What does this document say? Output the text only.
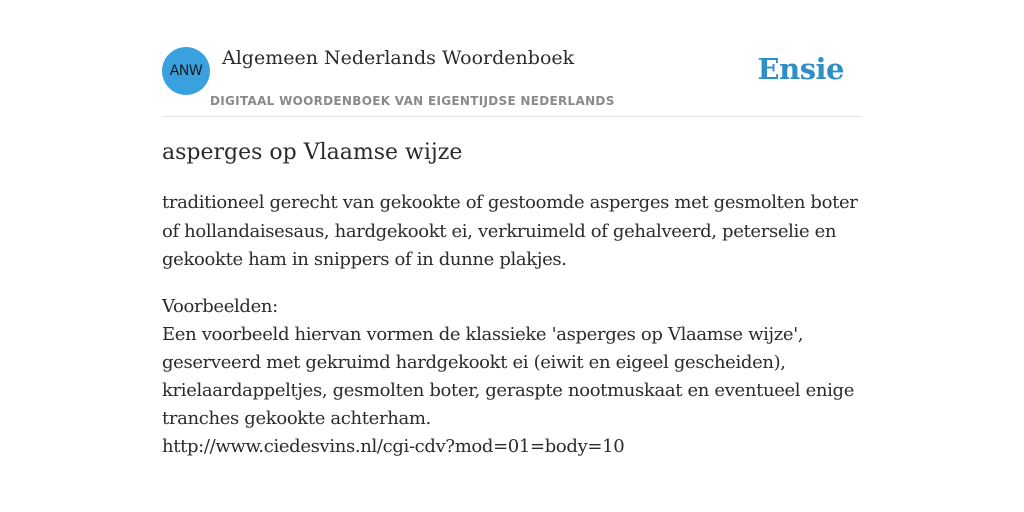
ANW
Algemeen Nederlands Woordenboek
DIGITAAL WOORDENBOEK VAN EIGENTIJDSE NEDERLANDS
Ensie
asperges op Vlaamse wijze

traditioneel gerecht van gekookte of gestoomde asperges met gesmolten boter of hollandaisesaus, hardgekookt ei, verkruimeld of gehalveerd, peterselie en gekookte ham in snippers of in dunne plakjes.

Voorbeelden:

Een voorbeeld hiervan vormen de klassieke 'asperges op Vlaamse wijze', geserveerd met gekruimd hardgekookt ei (eiwit en eigeel gescheiden), krielaardappeltjes, gesmolten boter, geraspte nootmuskaat en eventueel enige tranches gekookte achterham.

http://www.ciedesvins.nl/cgi-cdv?mod=01=body=10
